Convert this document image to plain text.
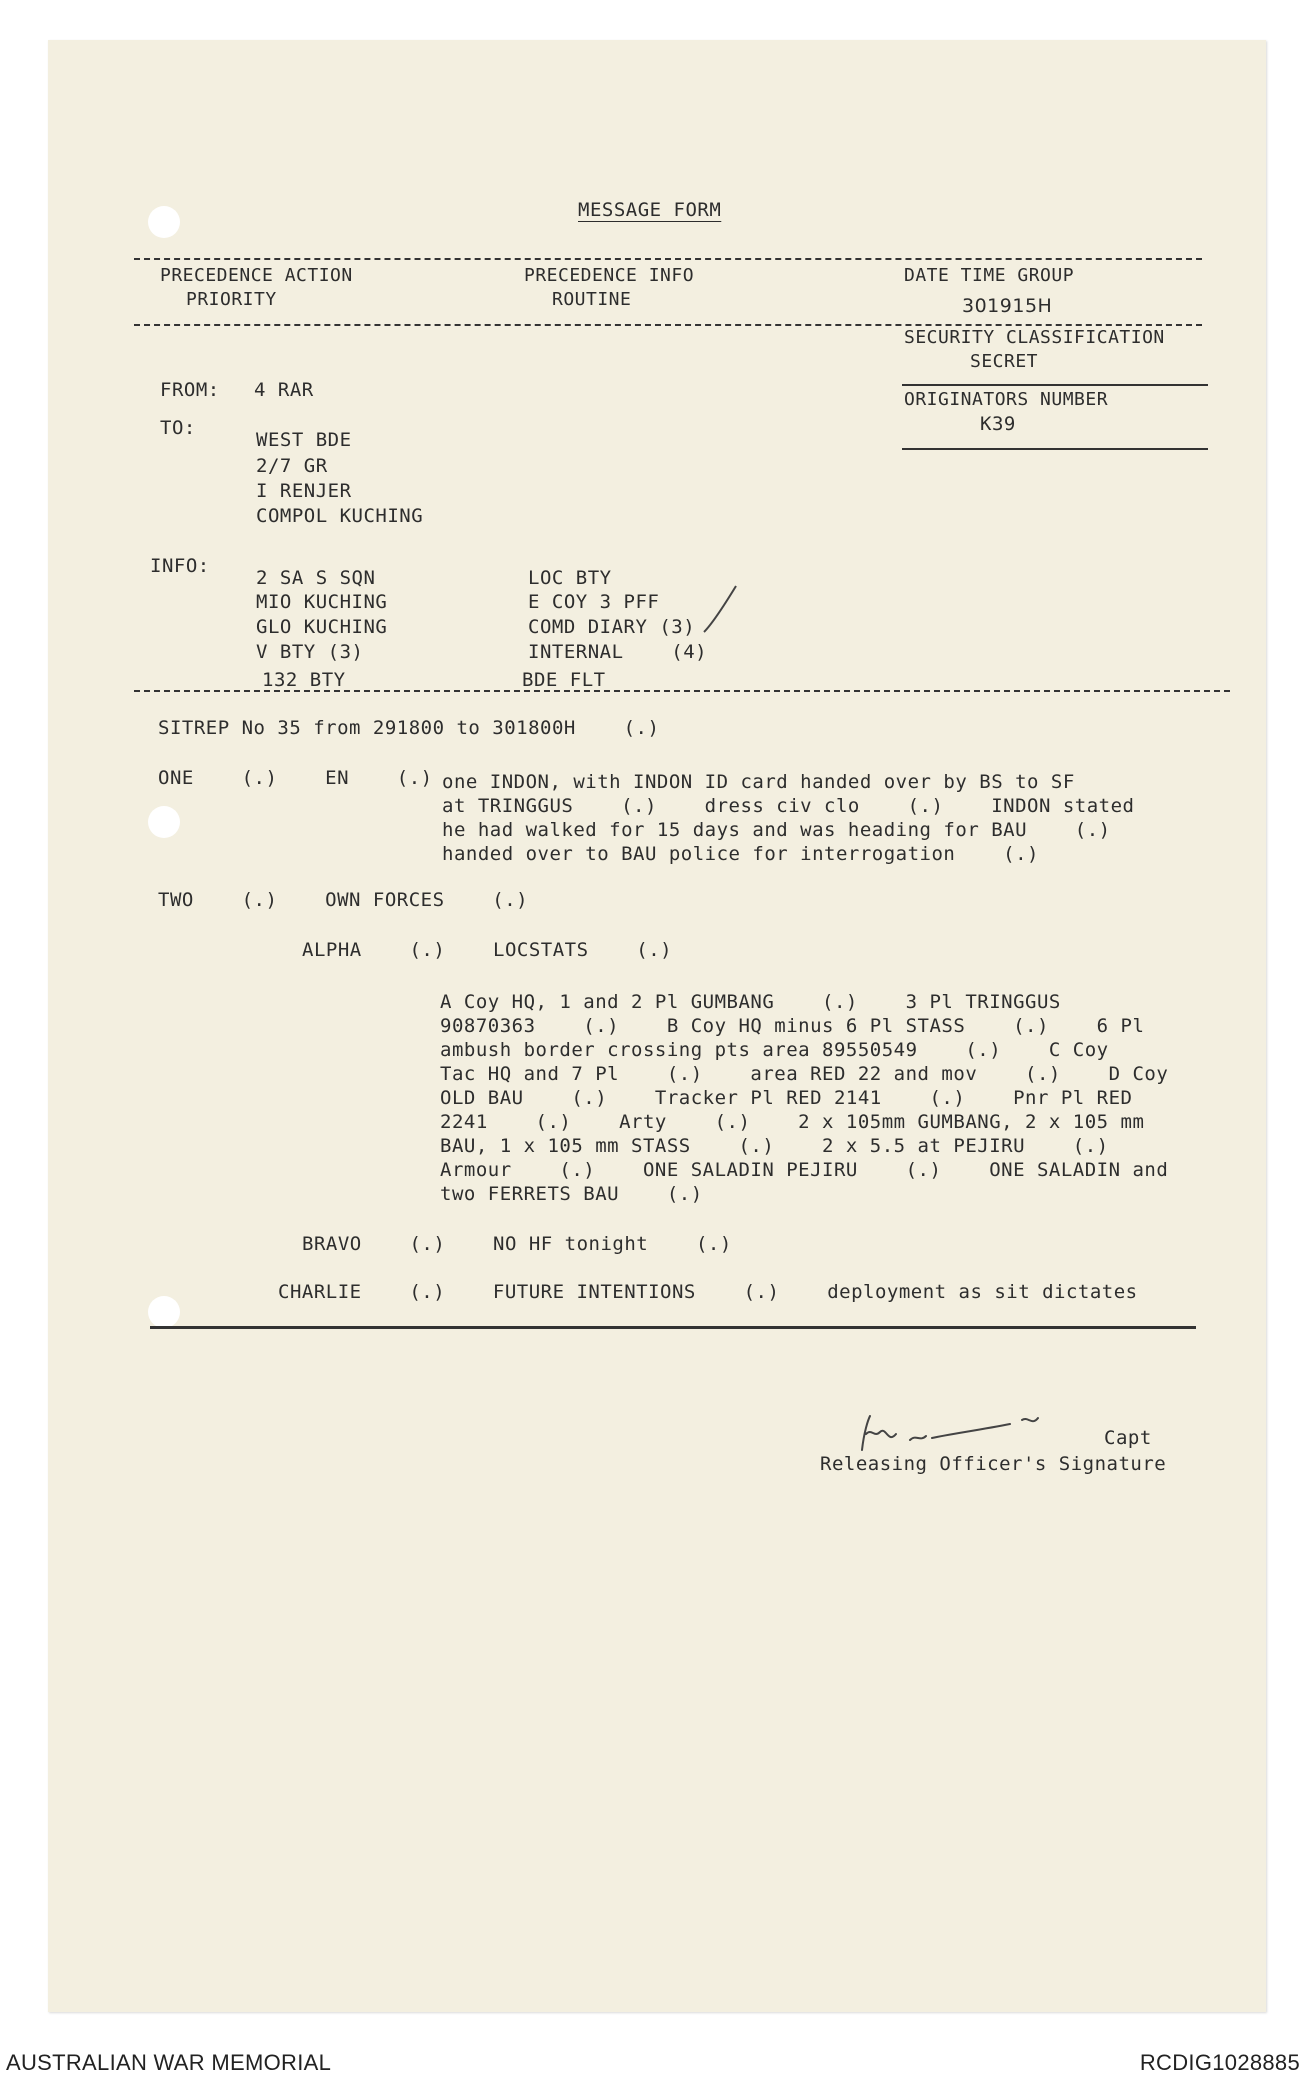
MESSAGE FORM
PRECEDENCE ACTION
PRIORITY
PRECEDENCE INFO
ROUTINE
DATE TIME GROUP
301915H
SECURITY CLASSIFICATION
SECRET
ORIGINATORS NUMBER
K39
FROM: 4 RAR
TO:
WEST BDE
2/7 GR
I RENJER
COMPOL KUCHING
INFO:
2 SA S SQN
MIO KUCHING
GLO KUCHING
V BTY (3)
132 BTY
LOC BTY
E COY 3 PFF
COMD DIARY (3)
INTERNAL    (4)
BDE FLT
SITREP No 35 from 291800 to 301800H    (.)
ONE    (.)    EN    (.) one INDON, with INDON ID card handed over by BS to SF
at TRINGGUS    (.)    dress civ clo    (.)    INDON stated
he had walked for 15 days and was heading for BAU    (.)
handed over to BAU police for interrogation    (.)
TWO    (.)    OWN FORCES    (.)
ALPHA    (.)    LOCSTATS    (.)
A Coy HQ, 1 and 2 Pl GUMBANG    (.)    3 Pl TRINGGUS
90870363    (.)    B Coy HQ minus 6 Pl STASS    (.)    6 Pl
ambush border crossing pts area 89550549    (.)    C Coy
Tac HQ and 7 Pl    (.)    area RED 22 and mov    (.)    D Coy
OLD BAU    (.)    Tracker Pl RED 2141    (.)    Pnr Pl RED
2241    (.)    Arty    (.)    2 x 105mm GUMBANG, 2 x 105 mm
BAU, 1 x 105 mm STASS    (.)    2 x 5.5 at PEJIRU    (.)
Armour    (.)    ONE SALADIN PEJIRU    (.)    ONE SALADIN and
two FERRETS BAU    (.)
BRAVO    (.)    NO HF tonight    (.)
CHARLIE    (.)    FUTURE INTENTIONS    (.)    deployment as sit dictates
Capt
Releasing Officer's Signature
AUSTRALIAN WAR MEMORIAL	RCDIG1028885
